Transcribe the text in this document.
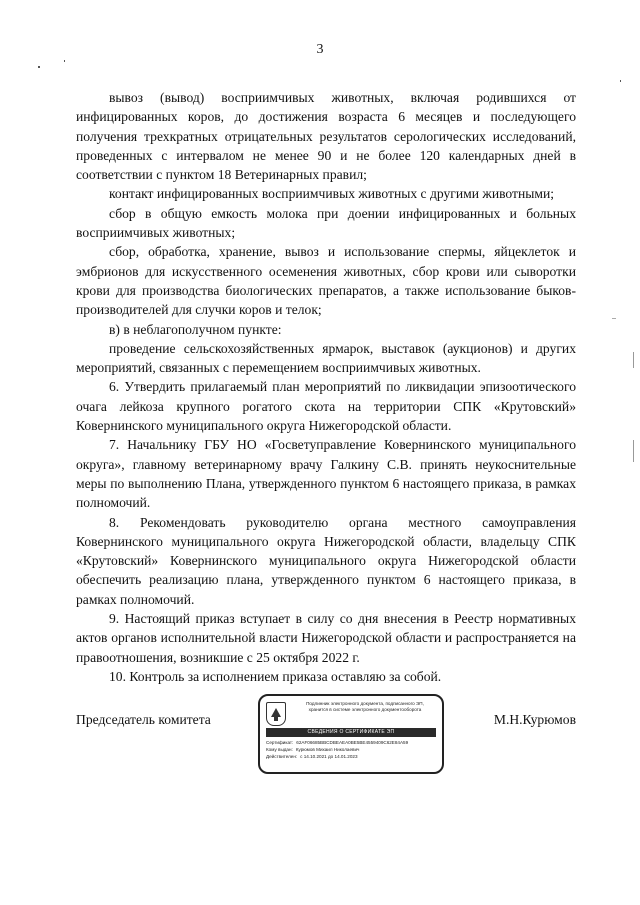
3

вывоз (вывод) восприимчивых животных, включая родившихся от инфицированных коров, до достижения возраста 6 месяцев и последующего получения трехкратных отрицательных результатов серологических исследований, проведенных с интервалом не менее 90 и не более 120 календарных дней в соответствии с пунктом 18 Ветеринарных правил;

контакт инфицированных восприимчивых животных с другими животными;

сбор в общую емкость молока при доении инфицированных и больных восприимчивых животных;

сбор, обработка, хранение, вывоз и использование спермы, яйцеклеток и эмбрионов для искусственного осеменения животных, сбор крови или сыворотки крови для производства биологических препаратов, а также использование быков-производителей для случки коров и телок;

в) в неблагополучном пункте:

проведение сельскохозяйственных ярмарок, выставок (аукционов) и других мероприятий, связанных с перемещением восприимчивых животных.

6. Утвердить прилагаемый план мероприятий по ликвидации эпизоотического очага лейкоза крупного рогатого скота на территории СПК «Крутовский» Ковернинского муниципального округа Нижегородской области.

7. Начальнику ГБУ НО «Госветуправление Ковернинского муниципального округа», главному ветеринарному врачу Галкину С.В. принять неукоснительные меры по выполнению Плана, утвержденного пунктом 6 настоящего приказа, в рамках полномочий.

8. Рекомендовать руководителю органа местного самоуправления Ковернинского муниципального округа Нижегородской области, владельцу СПК «Крутовский» Ковернинского муниципального округа Нижегородской области обеспечить реализацию плана, утвержденного пунктом 6 настоящего приказа, в рамках полномочий.

9. Настоящий приказ вступает в силу со дня внесения в Реестр нормативных актов органов исполнительной власти Нижегородской области и распространяется на правоотношения, возникшие с 25 октября 2022 г.

10. Контроль за исполнением приказа оставляю за собой.

Председатель комитета	М.Н.Курюмов
Подлинник электронного документа, подписанного ЭП,
хранится в системе электронного документооборота
СВЕДЕНИЯ О СЕРТИФИКАТЕ ЭП
Сертификат: 62AF06685BBCDBEAEA0BE5BE4559409C62E84A59
Кому выдан: Курюмов Михаил Николаевич
Действителен: с 14.10.2021 до 14.01.2023
